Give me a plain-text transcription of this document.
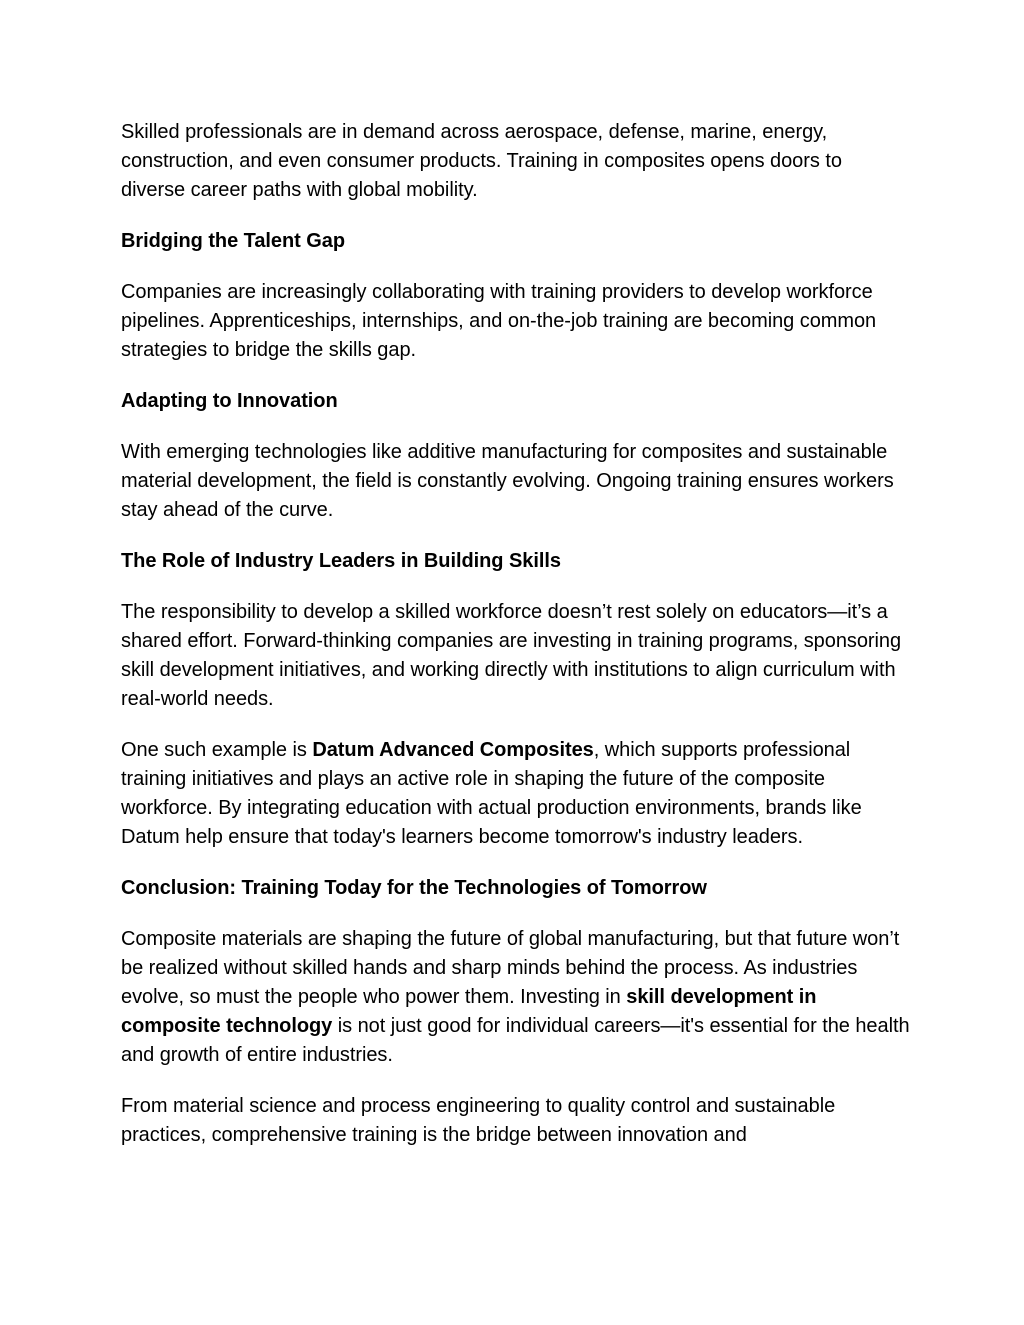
Skilled professionals are in demand across aerospace, defense, marine, energy, construction, and even consumer products. Training in composites opens doors to diverse career paths with global mobility.

Bridging the Talent Gap

Companies are increasingly collaborating with training providers to develop workforce pipelines. Apprenticeships, internships, and on-the-job training are becoming common strategies to bridge the skills gap.

Adapting to Innovation

With emerging technologies like additive manufacturing for composites and sustainable material development, the field is constantly evolving. Ongoing training ensures workers stay ahead of the curve.

The Role of Industry Leaders in Building Skills

The responsibility to develop a skilled workforce doesn’t rest solely on educators—it’s a shared effort. Forward-thinking companies are investing in training programs, sponsoring skill development initiatives, and working directly with institutions to align curriculum with real-world needs.

One such example is Datum Advanced Composites, which supports professional training initiatives and plays an active role in shaping the future of the composite workforce. By integrating education with actual production environments, brands like Datum help ensure that today's learners become tomorrow's industry leaders.

Conclusion: Training Today for the Technologies of Tomorrow

Composite materials are shaping the future of global manufacturing, but that future won’t be realized without skilled hands and sharp minds behind the process. As industries evolve, so must the people who power them. Investing in skill development in composite technology is not just good for individual careers—it's essential for the health and growth of entire industries.

From material science and process engineering to quality control and sustainable practices, comprehensive training is the bridge between innovation and
